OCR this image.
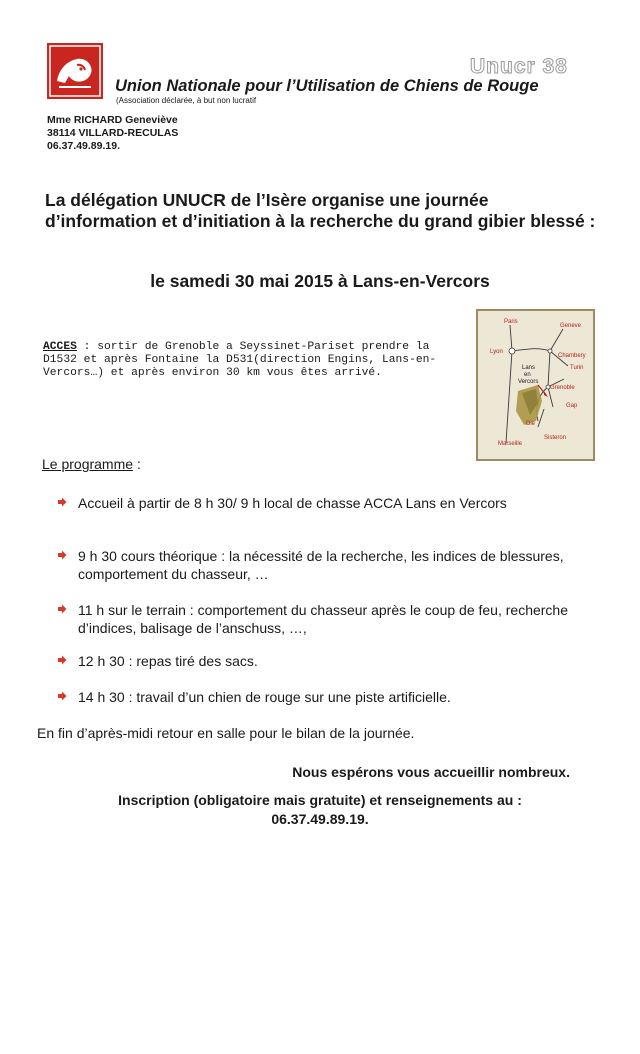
Unucr 38
Union Nationale pour l’Utilisation de Chiens de Rouge
(Association déclarée, à but non lucratif
Mme RICHARD Geneviève
38114 VILLARD-RECULAS
06.37.49.89.19.
La délégation UNUCR de l’Isère organise une journée d’information et d’initiation à la recherche du grand gibier blessé :
le samedi 30 mai 2015 à Lans-en-Vercors
ACCES : sortir de Grenoble a Seyssinet-Pariset prendre la D1532 et après Fontaine la D531(direction Engins, Lans-en-Vercors…) et après environ 30 km vous êtes arrivé.
Paris
Geneve
Lyon
Chambery
Turin
Grenoble
Gap
Die
Marseille
Sisteron
Lans
en
Vercors
Le programme :
Accueil à partir de 8 h 30/ 9 h local de chasse ACCA Lans en Vercors
9 h 30 cours théorique : la nécessité de la recherche, les indices de blessures, comportement du chasseur, …
11 h sur le terrain : comportement du chasseur après le coup de feu, recherche d’indices, balisage de l’anschuss, …,
12 h 30 : repas tiré des sacs.
14 h 30 : travail d’un chien de rouge sur une piste artificielle.
En fin d’après-midi retour en salle pour le bilan de la journée.
Nous espérons vous accueillir nombreux.
Inscription (obligatoire mais gratuite) et renseignements au :
06.37.49.89.19.
